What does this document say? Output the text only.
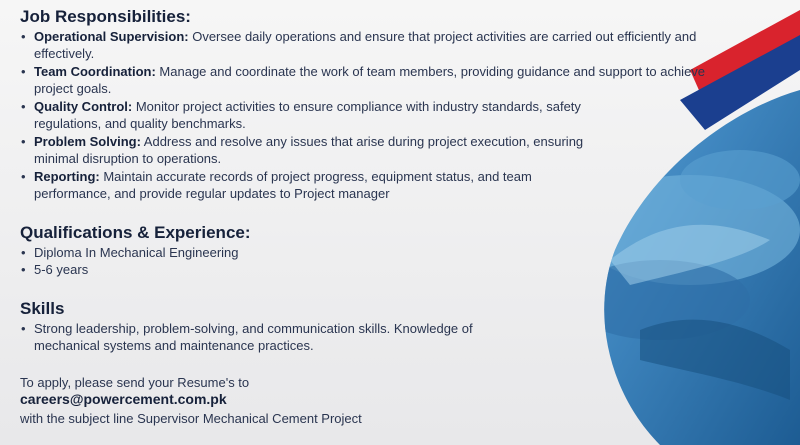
Job Responsibilities:
• Operational Supervision: Oversee daily operations and ensure that project activities are carried out efficiently and effectively.
• Team Coordination: Manage and coordinate the work of team members, providing guidance and support to achieve project goals.
• Quality Control: Monitor project activities to ensure compliance with industry standards, safety regulations, and quality benchmarks.
• Problem Solving: Address and resolve any issues that arise during project execution, ensuring minimal disruption to operations.
• Reporting: Maintain accurate records of project progress, equipment status, and team performance, and provide regular updates to Project manager
Qualifications & Experience:
• Diploma In Mechanical Engineering
• 5-6 years
Skills
• Strong leadership, problem-solving, and communication skills. Knowledge of mechanical systems and maintenance practices.
To apply, please send your Resume's to
careers@powercement.com.pk
with the subject line Supervisor Mechanical Cement Project
